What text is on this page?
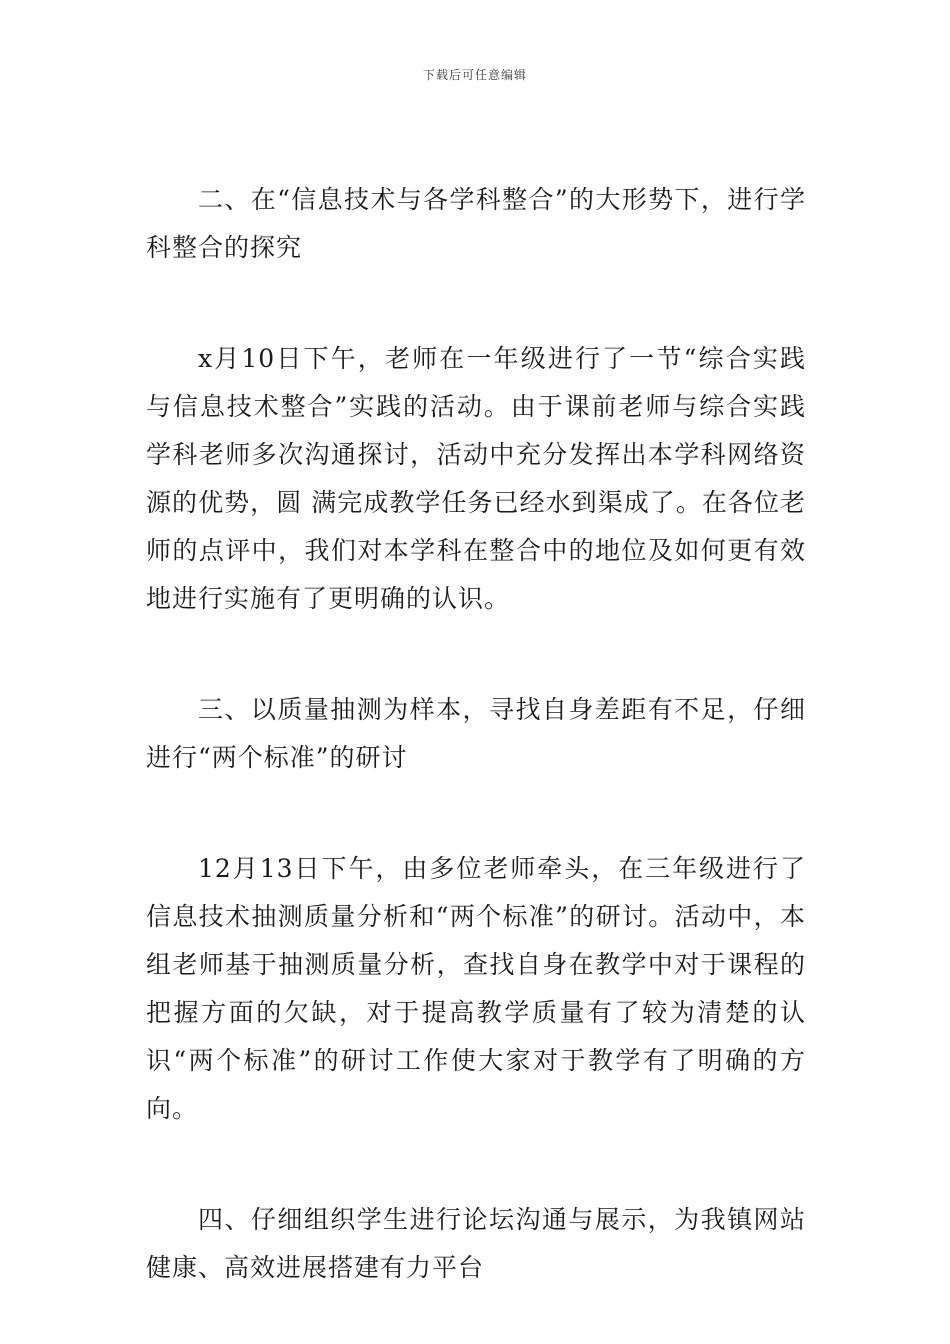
下载后可任意编辑

二、在“信息技术与各学科整合”的大形势下，进行学科整合的探究

x月10日下午，老师在一年级进行了一节“综合实践与信息技术整合”实践的活动。由于课前老师与综合实践学科老师多次沟通探讨，活动中充分发挥出本学科网络资源的优势，圆 满完成教学任务已经水到渠成了。在各位老师的点评中，我们对本学科在整合中的地位及如何更有效地进行实施有了更明确的认识。

三、以质量抽测为样本，寻找自身差距有不足，仔细进行“两个标准”的研讨

12月13日下午，由多位老师牵头，在三年级进行了信息技术抽测质量分析和“两个标准”的研讨。活动中，本组老师基于抽测质量分析，查找自身在教学中对于课程的把握方面的欠缺，对于提高教学质量有了较为清楚的认识“两个标准”的研讨工作使大家对于教学有了明确的方向。

四、仔细组织学生进行论坛沟通与展示，为我镇网站健康、高效进展搭建有力平台
